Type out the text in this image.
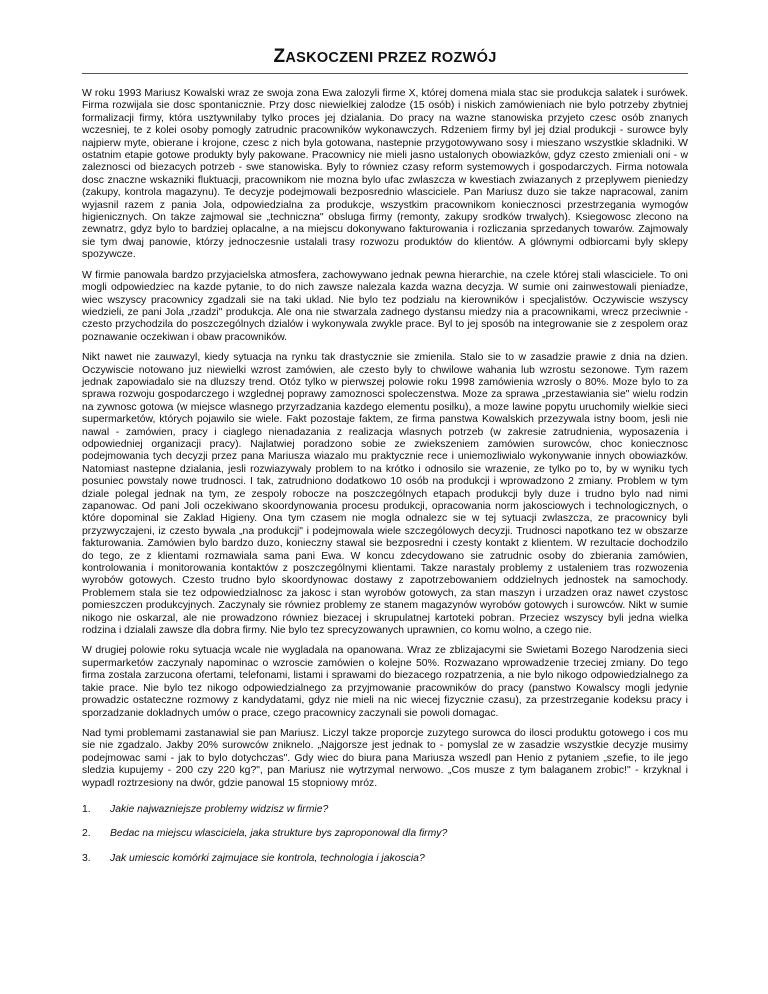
ZASKOCZENI PRZEZ ROZWÓJ

W roku 1993 Mariusz Kowalski wraz ze swoja zona Ewa zalozyli firme X, której domena miala stac sie produkcja salatek i surówek. Firma rozwijala sie dosc spontanicznie. Przy dosc niewielkiej zalodze (15 osób) i niskich zamówieniach nie bylo potrzeby zbytniej formalizacji firmy, która usztywnilaby tylko proces jej dzialania. Do pracy na wazne stanowiska przyjeto czesc osób znanych wczesniej, te z kolei osoby pomogly zatrudnic pracowników wykonawczych. Rdzeniem firmy byl jej dzial produkcji - surowce byly najpierw myte, obierane i krojone, czesc z nich byla gotowana, nastepnie przygotowywano sosy i mieszano wszystkie skladniki. W ostatnim etapie gotowe produkty byly pakowane. Pracownicy nie mieli jasno ustalonych obowiazków, gdyz czesto zmieniali oni - w zaleznosci od biezacych potrzeb - swe stanowiska. Byly to równiez czasy reform systemowych i gospodarczych. Firma notowala dosc znaczne wskazniki fluktuacji, pracownikom nie mozna bylo ufac zwlaszcza w kwestiach zwiazanych z przeplywem pieniedzy (zakupy, kontrola magazynu). Te decyzje podejmowali bezposrednio wlasciciele. Pan Mariusz duzo sie takze napracowal, zanim wyjasnil razem z pania Jola, odpowiedzialna za produkcje, wszystkim pracownikom koniecznosci przestrzegania wymogów higienicznych. On takze zajmowal sie „techniczna" obsluga firmy (remonty, zakupy srodków trwalych). Ksiegowosc zlecono na zewnatrz, gdyz bylo to bardziej oplacalne, a na miejscu dokonywano fakturowania i rozliczania sprzedanych towarów. Zajmowaly sie tym dwaj panowie, którzy jednoczesnie ustalali trasy rozwozu produktów do klientów. A glównymi odbiorcami byly sklepy spozywcze.

W firmie panowala bardzo przyjacielska atmosfera, zachowywano jednak pewna hierarchie, na czele której stali wlasciciele. To oni mogli odpowiedziec na kazde pytanie, to do nich zawsze nalezala kazda wazna decyzja. W sumie oni zainwestowali pieniadze, wiec wszyscy pracownicy zgadzali sie na taki uklad. Nie bylo tez podzialu na kierowników i specjalistów. Oczywiscie wszyscy wiedzieli, ze pani Jola „rzadzi" produkcja. Ale ona nie stwarzala zadnego dystansu miedzy nia a pracownikami, wrecz przeciwnie - czesto przychodzila do poszczególnych dzialów i wykonywala zwykle prace. Byl to jej sposób na integrowanie sie z zespolem oraz poznawanie oczekiwan i obaw pracowników.

Nikt nawet nie zauwazyl, kiedy sytuacja na rynku tak drastycznie sie zmienila. Stalo sie to w zasadzie prawie z dnia na dzien. Oczywiscie notowano juz niewielki wzrost zamówien, ale czesto byly to chwilowe wahania lub wzrostu sezonowe. Tym razem jednak zapowiadalo sie na dluzszy trend. Otóz tylko w pierwszej polowie roku 1998 zamówienia wzrosly o 80%. Moze bylo to za sprawa rozwoju gospodarczego i wzglednej poprawy zamoznosci spoleczenstwa. Moze za sprawa „przestawiania sie" wielu rodzin na zywnosc gotowa (w miejsce wlasnego przyrzadzania kazdego elementu posilku), a moze lawine popytu uruchomily wielkie sieci supermarketów, których pojawilo sie wiele. Fakt pozostaje faktem, ze firma panstwa Kowalskich przezywala istny boom, jesli nie nawal - zamówien, pracy i ciaglego nienadazania z realizacja wlasnych potrzeb (w zakresie zatrudnienia, wyposazenia i odpowiedniej organizacji pracy). Najlatwiej poradzono sobie ze zwiekszeniem zamówien surowców, choc koniecznosc podejmowania tych decyzji przez pana Mariusza wiazalo mu praktycznie rece i uniemozliwialo wykonywanie innych obowiazków. Natomiast nastepne dzialania, jesli rozwiazywaly problem to na krótko i odnosilo sie wrazenie, ze tylko po to, by w wyniku tych posuniec powstaly nowe trudnosci. I tak, zatrudniono dodatkowo 10 osób na produkcji i wprowadzono 2 zmiany. Problem w tym dziale polegal jednak na tym, ze zespoly robocze na poszczególnych etapach produkcji byly duze i trudno bylo nad nimi zapanowac. Od pani Joli oczekiwano skoordynowania procesu produkcji, opracowania norm jakosciowych i technologicznych, o które dopominal sie Zaklad Higieny. Ona tym czasem nie mogla odnalezc sie w tej sytuacji zwlaszcza, ze pracownicy byli przyzwyczajeni, iz czesto bywala „na produkcji" i podejmowala wiele szczególowych decyzji. Trudnosci napotkano tez w obszarze fakturowania. Zamówien bylo bardzo duzo, konieczny stawal sie bezposredni i czesty kontakt z klientem. W rezultacie dochodzilo do tego, ze z klientami rozmawiala sama pani Ewa. W koncu zdecydowano sie zatrudnic osoby do zbierania zamówien, kontrolowania i monitorowania kontaktów z poszczególnymi klientami. Takze narastaly problemy z ustaleniem tras rozwozenia wyrobów gotowych. Czesto trudno bylo skoordynowac dostawy z zapotrzebowaniem oddzielnych jednostek na samochody. Problemem stala sie tez odpowiedzialnosc za jakosc i stan wyrobów gotowych, za stan maszyn i urzadzen oraz nawet czystosc pomieszczen produkcyjnych. Zaczynaly sie równiez problemy ze stanem magazynów wyrobów gotowych i surowców. Nikt w sumie nikogo nie oskarzal, ale nie prowadzono równiez biezacej i skrupulatnej kartoteki pobran. Przeciez wszyscy byli jedna wielka rodzina i dzialali zawsze dla dobra firmy. Nie bylo tez sprecyzowanych uprawnien, co komu wolno, a czego nie.

W drugiej polowie roku sytuacja wcale nie wygladala na opanowana. Wraz ze zblizajacymi sie Swietami Bozego Narodzenia sieci supermarketów zaczynaly napominac o wzroscie zamówien o kolejne 50%. Rozwazano wprowadzenie trzeciej zmiany. Do tego firma zostala zarzucona ofertami, telefonami, listami i sprawami do biezacego rozpatrzenia, a nie bylo nikogo odpowiedzialnego za takie prace. Nie bylo tez nikogo odpowiedzialnego za przyjmowanie pracowników do pracy (panstwo Kowalscy mogli jedynie prowadzic ostateczne rozmowy z kandydatami, gdyz nie mieli na nic wiecej fizycznie czasu), za przestrzeganie kodeksu pracy i sporzadzanie dokladnych umów o prace, czego pracownicy zaczynali sie powoli domagac.

Nad tymi problemami zastanawial sie pan Mariusz. Liczyl takze proporcje zuzytego surowca do ilosci produktu gotowego i cos mu sie nie zgadzalo. Jakby 20% surowców zniknelo. „Najgorsze jest jednak to - pomyslal ze w zasadzie wszystkie decyzje musimy podejmowac sami - jak to bylo dotychczas". Gdy wiec do biura pana Mariusza wszedl pan Henio z pytaniem „szefie, to ile jego sledzia kupujemy - 200 czy 220 kg?", pan Mariusz nie wytrzymal nerwowo. „Cos musze z tym balaganem zrobic!" - krzyknal i wypadl roztrzesiony na dwór, gdzie panowal 15 stopniowy mróz.

1.	Jakie najwazniejsze problemy widzisz w firmie?
2.	Bedac na miejscu wlasciciela, jaka strukture bys zaproponowal dla firmy?
3.	Jak umiescic komórki zajmujace sie kontrola, technologia i jakoscia?
